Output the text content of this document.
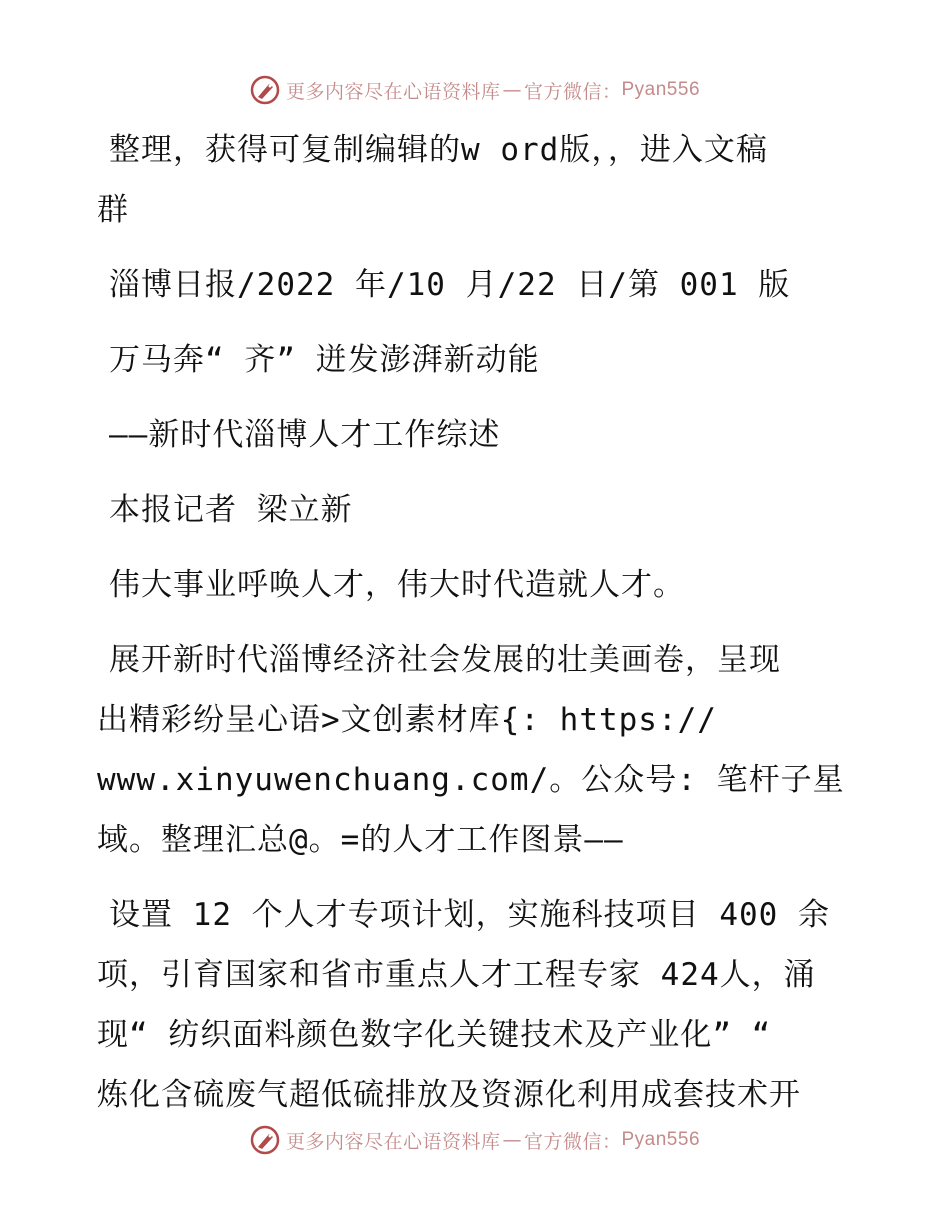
更多内容尽在心语资料库 — 官方微信： Pyan556
整理，获得可复制编辑的w ord版，，进入文稿
群
淄博日报/2022 年/10 月/22 日/第 001 版
万马奔“ 齐” 迸发澎湃新动能
——新时代淄博人才工作综述
本报记者 梁立新
伟大事业呼唤人才，伟大时代造就人才。
展开新时代淄博经济社会发展的壮美画卷，呈现
出精彩纷呈心语>文创素材库{: https://
www.xinyuwenchuang.com/。公众号: 笔杆子星
域。整理汇总@。=的人才工作图景——
设置 12 个人才专项计划，实施科技项目 400 余
项，引育国家和省市重点人才工程专家 424人，涌
现“ 纺织面料颜色数字化关键技术及产业化” “
炼化含硫废气超低硫排放及资源化利用成套技术开
更多内容尽在心语资料库 — 官方微信： Pyan556
